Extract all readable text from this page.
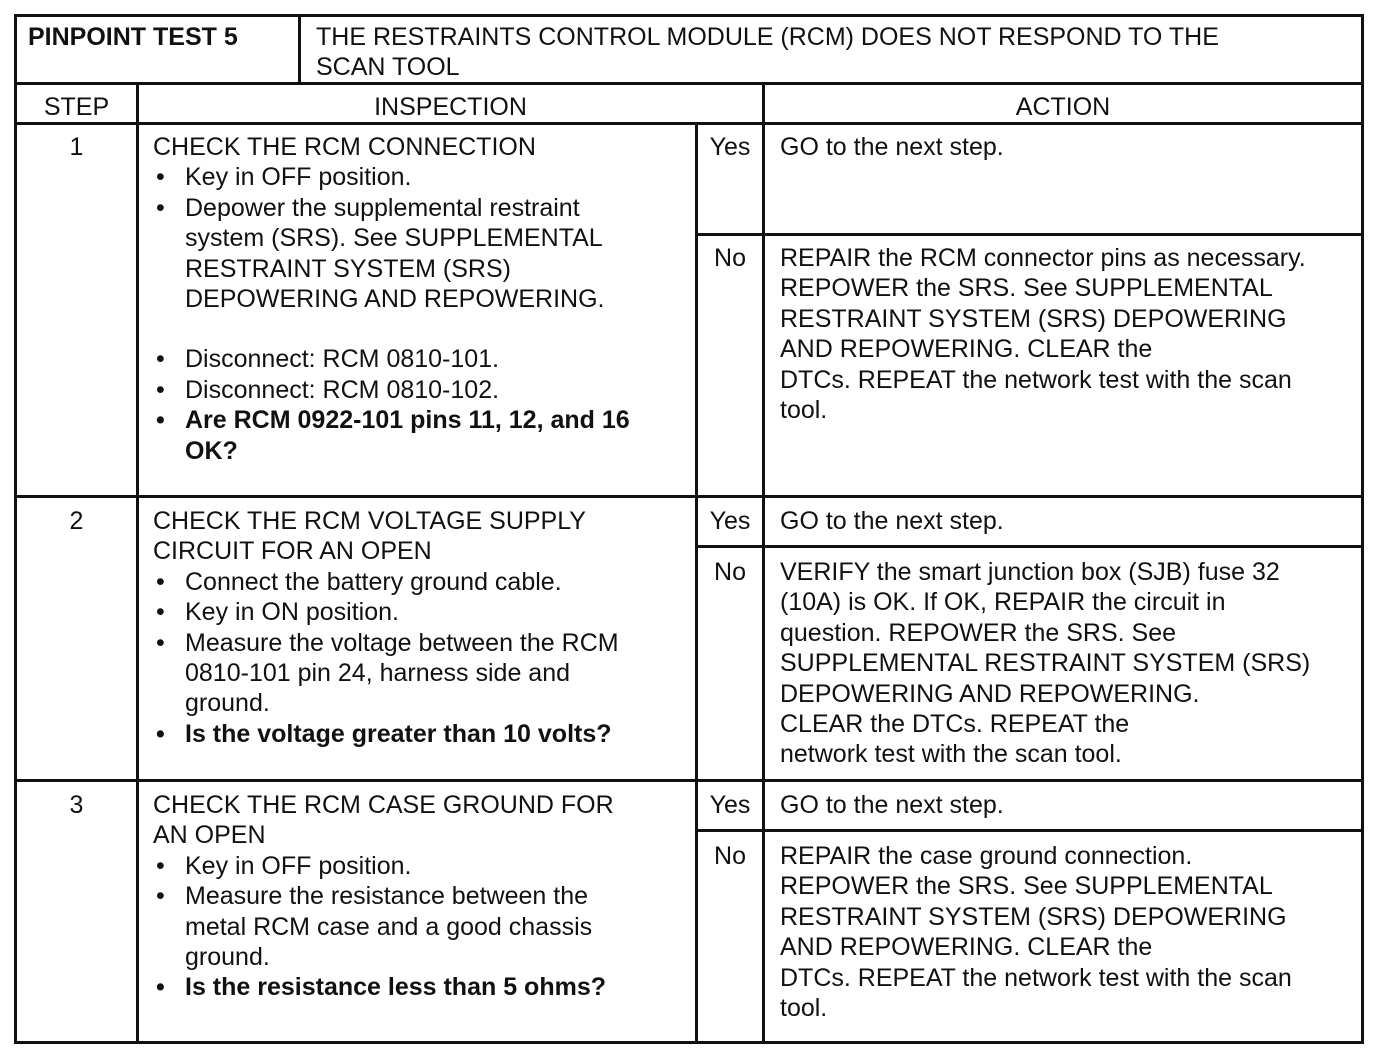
PINPOINT TEST 5	THE RESTRAINTS CONTROL MODULE (RCM) DOES NOT RESPOND TO THE
SCAN TOOL
STEP	INSPECTION	ACTION
1	CHECK THE RCM CONNECTION
• Key in OFF position.
• Depower the supplemental restraint
system (SRS). See SUPPLEMENTAL
RESTRAINT SYSTEM (SRS)
DEPOWERING AND REPOWERING.
• Disconnect: RCM 0810-101.
• Disconnect: RCM 0810-102.
• Are RCM 0922-101 pins 11, 12, and 16
OK?
Yes	GO to the next step.
No	REPAIR the RCM connector pins as necessary.
REPOWER the SRS. See SUPPLEMENTAL
RESTRAINT SYSTEM (SRS) DEPOWERING
AND REPOWERING. CLEAR the
DTCs. REPEAT the network test with the scan
tool.
2	CHECK THE RCM VOLTAGE SUPPLY
CIRCUIT FOR AN OPEN
• Connect the battery ground cable.
• Key in ON position.
• Measure the voltage between the RCM
0810-101 pin 24, harness side and
ground.
• Is the voltage greater than 10 volts?
Yes	GO to the next step.
No	VERIFY the smart junction box (SJB) fuse 32
(10A) is OK. If OK, REPAIR the circuit in
question. REPOWER the SRS. See
SUPPLEMENTAL RESTRAINT SYSTEM (SRS)
DEPOWERING AND REPOWERING.
CLEAR the DTCs. REPEAT the
network test with the scan tool.
3	CHECK THE RCM CASE GROUND FOR
AN OPEN
• Key in OFF position.
• Measure the resistance between the
metal RCM case and a good chassis
ground.
• Is the resistance less than 5 ohms?
Yes	GO to the next step.
No	REPAIR the case ground connection.
REPOWER the SRS. See SUPPLEMENTAL
RESTRAINT SYSTEM (SRS) DEPOWERING
AND REPOWERING. CLEAR the
DTCs. REPEAT the network test with the scan
tool.
